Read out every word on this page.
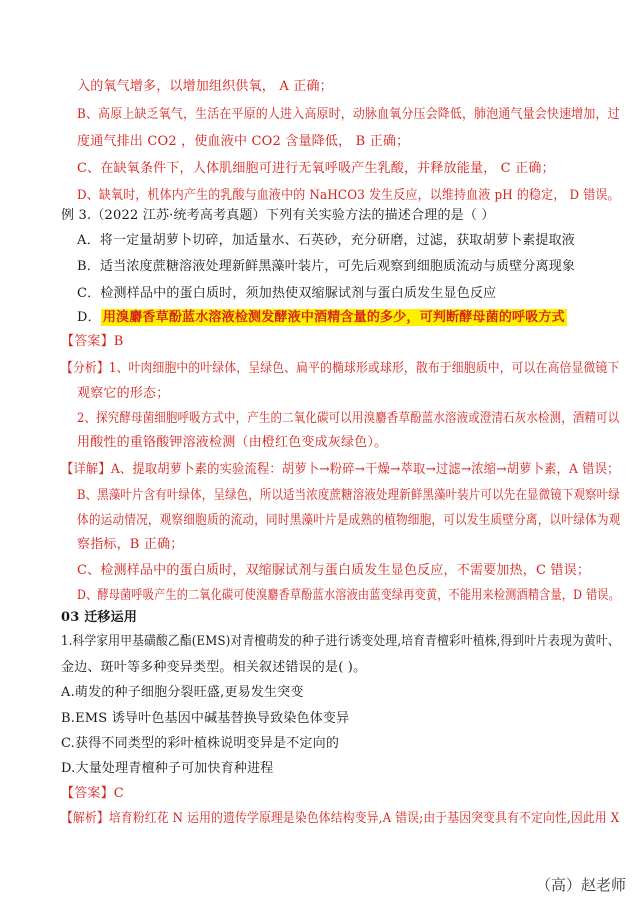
入的氧气增多，以增加组织供氧， A 正确；
B、高原上缺乏氧气，生活在平原的人进入高原时，动脉血氧分压会降低，肺泡通气量会快速增加，过
度通气排出 CO2 ，使血液中 CO2 含量降低， B 正确；
C、在缺氧条件下，人体肌细胞可进行无氧呼吸产生乳酸，并释放能量， C 正确；
D、缺氧时，机体内产生的乳酸与血液中的 NaHCO3 发生反应，以维持血液 pH 的稳定， D 错误。
例 3.（2022 江苏·统考高考真题）下列有关实验方法的描述合理的是（ ）
A．将一定量胡萝卜切碎，加适量水、石英砂，充分研磨，过滤，获取胡萝卜素提取液
B．适当浓度蔗糖溶液处理新鲜黑藻叶装片，可先后观察到细胞质流动与质壁分离现象
C．检测样品中的蛋白质时，须加热使双缩脲试剂与蛋白质发生显色反应
D． 用溴麝香草酚蓝水溶液检测发酵液中酒精含量的多少，可判断酵母菌的呼吸方式
【答案】B
【分析】1、叶肉细胞中的叶绿体，呈绿色、扁平的椭球形或球形，散布于细胞质中，可以在高倍显微镜下
观察它的形态；
2、探究酵母菌细胞呼吸方式中，产生的二氧化碳可以用溴麝香草酚蓝水溶液或澄清石灰水检测，酒精可以
用酸性的重铬酸钾溶液检测（由橙红色变成灰绿色）。
【详解】A、提取胡萝卜素的实验流程：胡萝卜→粉碎→干燥→萃取→过滤→浓缩→胡萝卜素，A 错误；
B、黑藻叶片含有叶绿体，呈绿色，所以适当浓度蔗糖溶液处理新鲜黑藻叶装片可以先在显微镜下观察叶绿
体的运动情况，观察细胞质的流动，同时黑藻叶片是成熟的植物细胞，可以发生质壁分离，以叶绿体为观
察指标，B 正确；
C、检测样品中的蛋白质时，双缩脲试剂与蛋白质发生显色反应，不需要加热，C 错误；
D、酵母菌呼吸产生的二氧化碳可使溴麝香草酚蓝水溶液由蓝变绿再变黄，不能用来检测酒精含量，D 错误。
03 迁移运用
1.科学家用甲基磺酸乙酯(EMS)对青檀萌发的种子进行诱变处理,培育青檀彩叶植株,得到叶片表现为黄叶、
金边、斑叶等多种变异类型。相关叙述错误的是( )。
A.萌发的种子细胞分裂旺盛,更易发生突变
B.EMS 诱导叶色基因中碱基替换导致染色体变异
C.获得不同类型的彩叶植株说明变异是不定向的
D.大量处理青檀种子可加快育种进程
【答案】C
【解析】培育粉红花 N 运用的遗传学原理是染色体结构变异,A 错误;由于基因突变具有不定向性,因此用 X
（高）赵老师
